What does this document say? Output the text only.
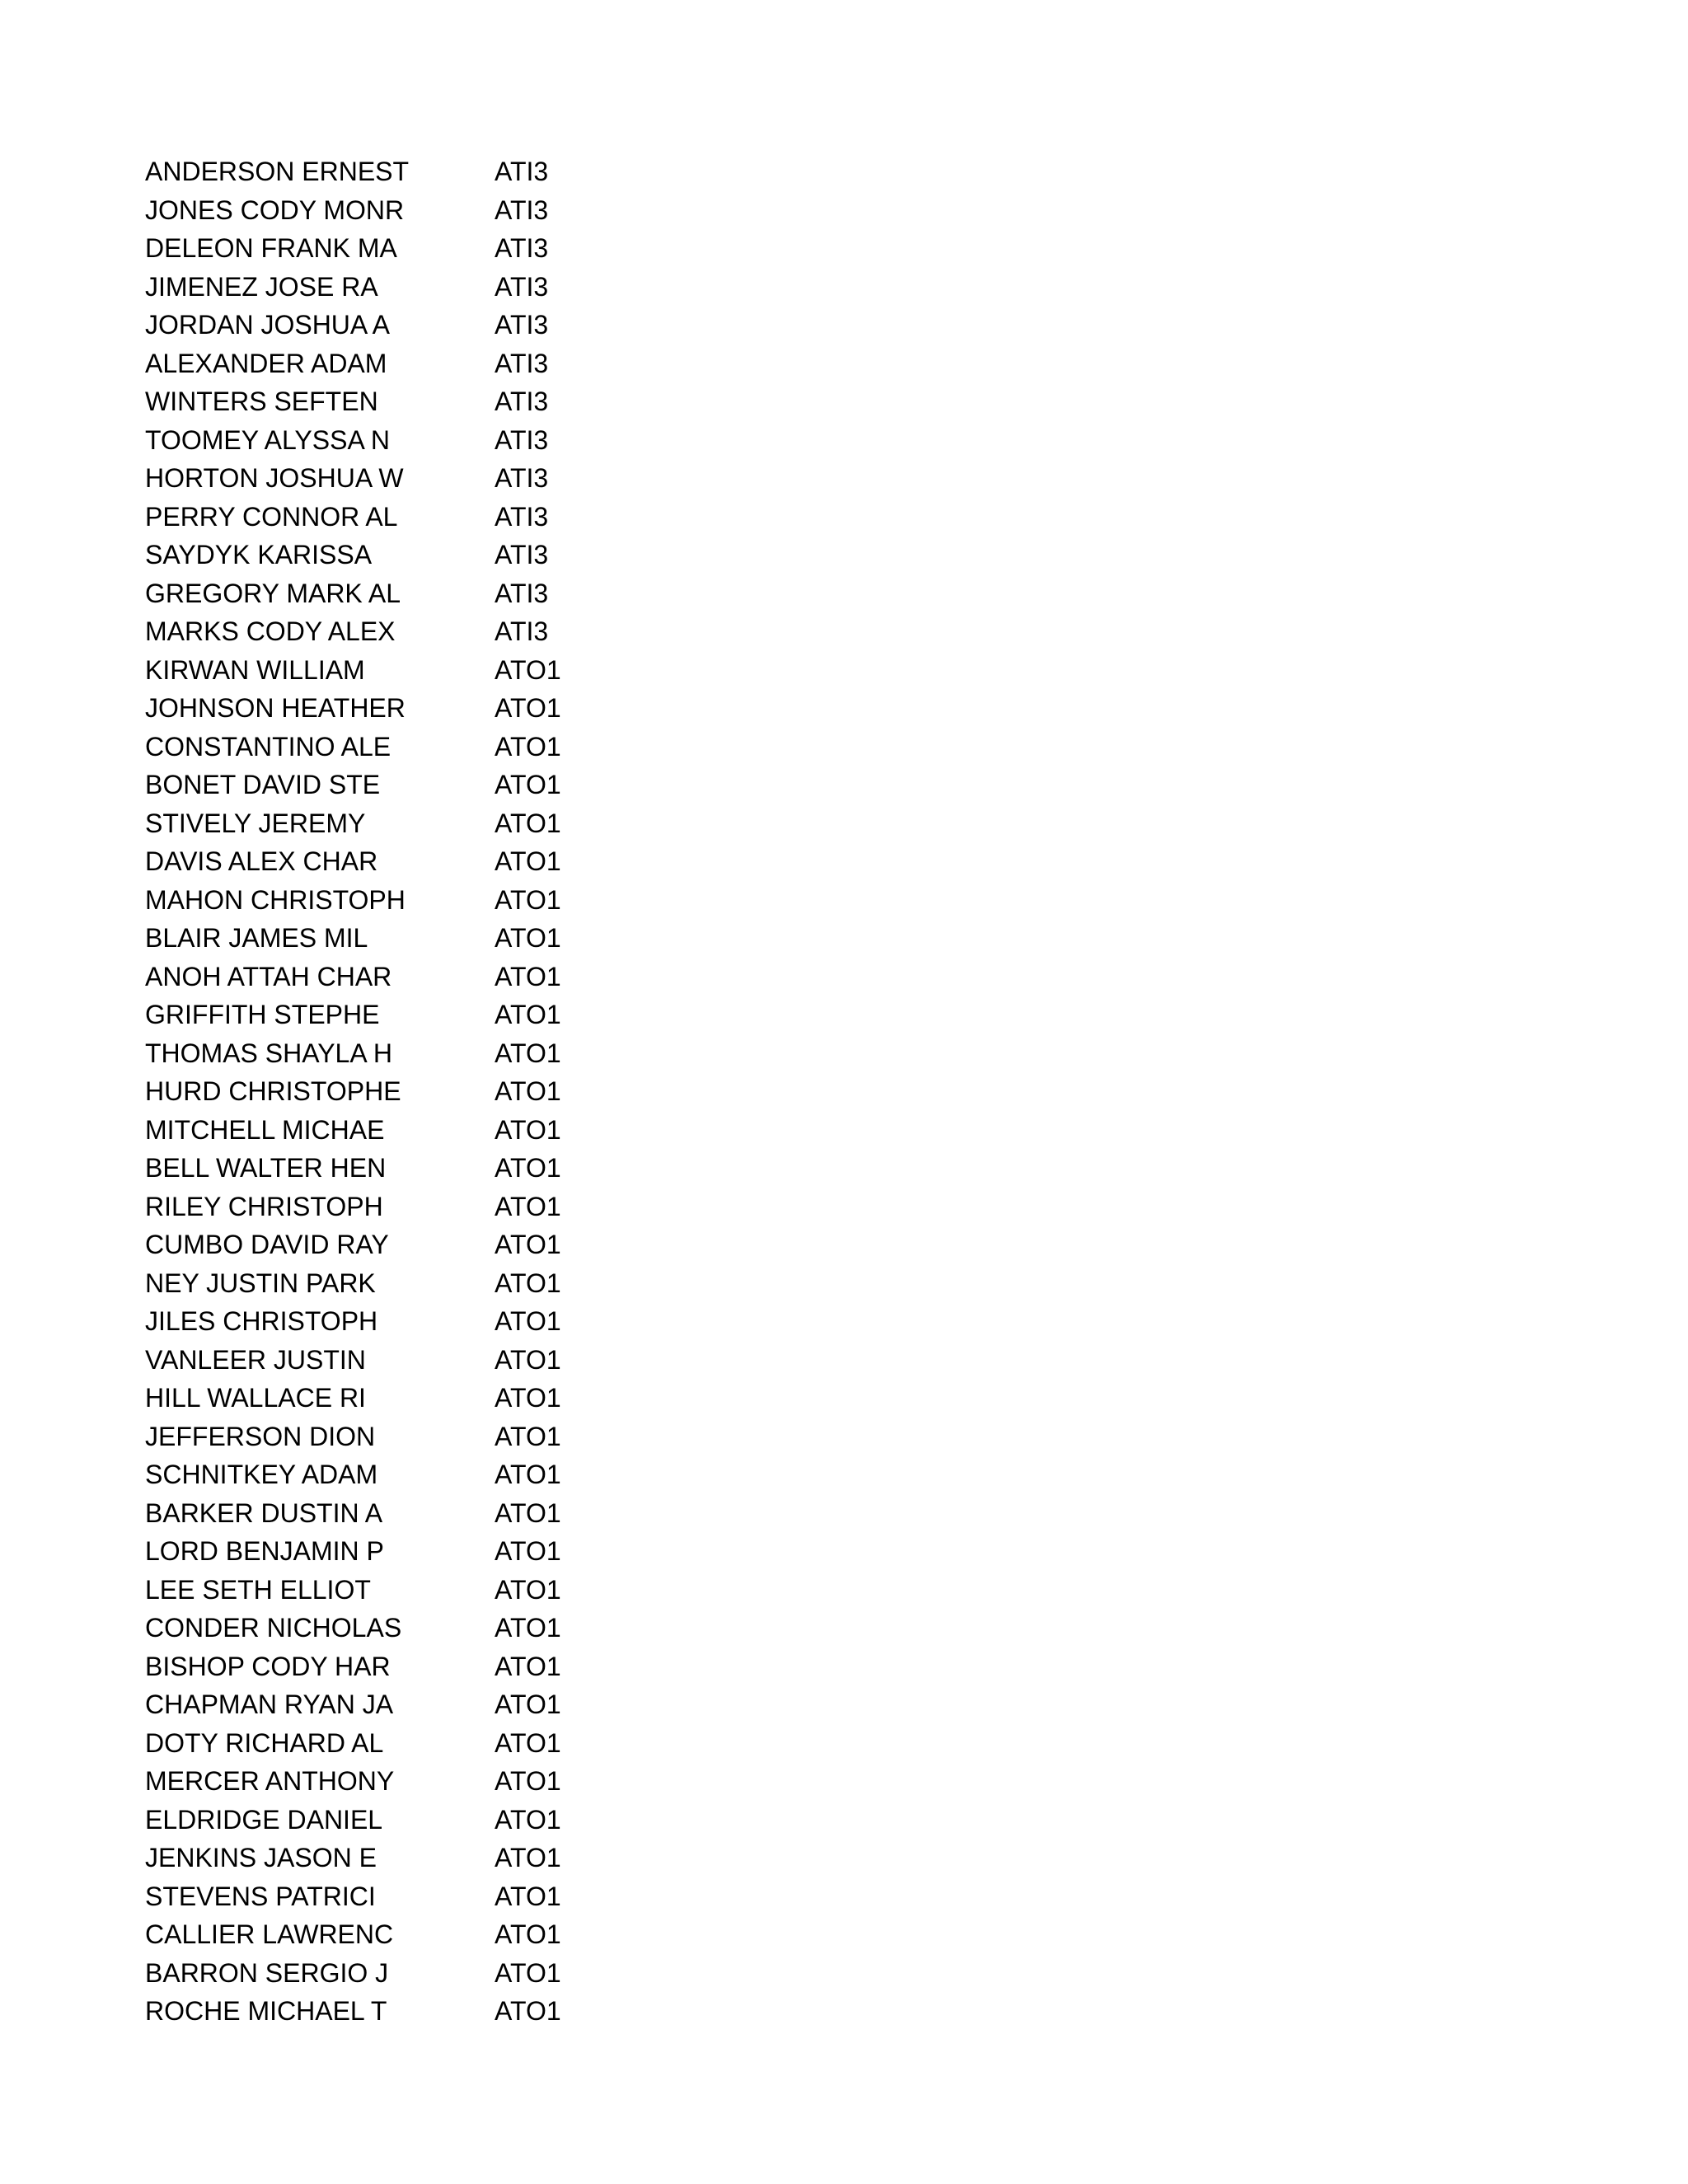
ANDERSON ERNEST	ATI3
JONES CODY MONR	ATI3
DELEON FRANK MA	ATI3
JIMENEZ JOSE RA	ATI3
JORDAN JOSHUA A	ATI3
ALEXANDER ADAM	ATI3
WINTERS SEFTEN	ATI3
TOOMEY ALYSSA N	ATI3
HORTON JOSHUA W	ATI3
PERRY CONNOR AL	ATI3
SAYDYK KARISSA	ATI3
GREGORY MARK AL	ATI3
MARKS CODY ALEX	ATI3
KIRWAN WILLIAM	ATO1
JOHNSON HEATHER	ATO1
CONSTANTINO ALE	ATO1
BONET DAVID STE	ATO1
STIVELY JEREMY	ATO1
DAVIS ALEX CHAR	ATO1
MAHON CHRISTOPH	ATO1
BLAIR JAMES MIL	ATO1
ANOH ATTAH CHAR	ATO1
GRIFFITH STEPHE	ATO1
THOMAS SHAYLA H	ATO1
HURD CHRISTOPHE	ATO1
MITCHELL MICHAE	ATO1
BELL WALTER HEN	ATO1
RILEY CHRISTOPH	ATO1
CUMBO DAVID RAY	ATO1
NEY JUSTIN PARK	ATO1
JILES CHRISTOPH	ATO1
VANLEER JUSTIN	ATO1
HILL WALLACE RI	ATO1
JEFFERSON DION	ATO1
SCHNITKEY ADAM	ATO1
BARKER DUSTIN A	ATO1
LORD BENJAMIN P	ATO1
LEE SETH ELLIOT	ATO1
CONDER NICHOLAS	ATO1
BISHOP CODY HAR	ATO1
CHAPMAN RYAN JA	ATO1
DOTY RICHARD AL	ATO1
MERCER ANTHONY	ATO1
ELDRIDGE DANIEL	ATO1
JENKINS JASON E	ATO1
STEVENS PATRICI	ATO1
CALLIER LAWRENC	ATO1
BARRON SERGIO J	ATO1
ROCHE MICHAEL T	ATO1
